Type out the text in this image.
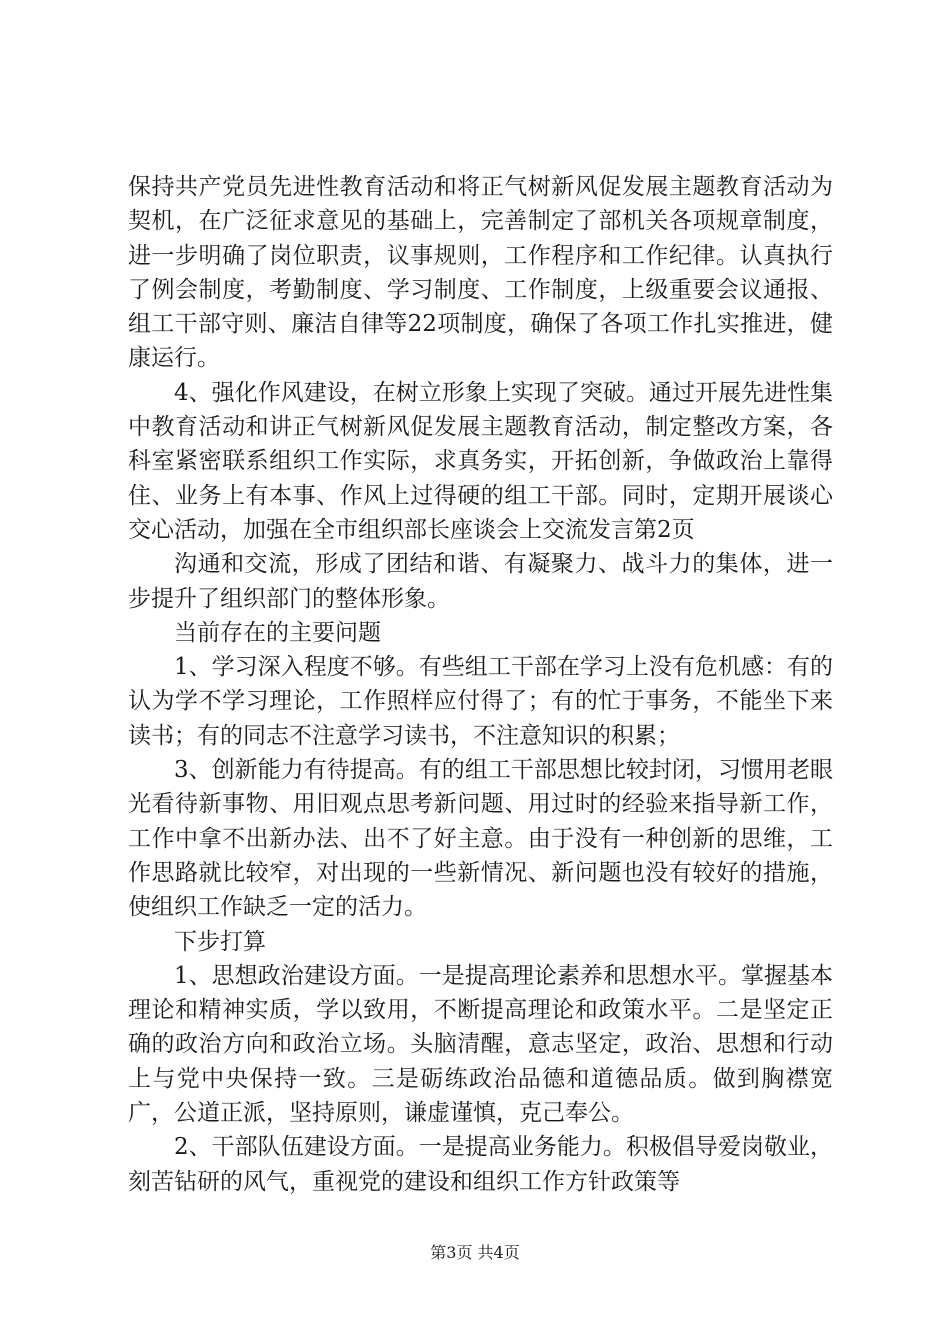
保持共产党员先进性教育活动和将正气树新风促发展主题教育活动为契机，在广泛征求意见的基础上，完善制定了部机关各项规章制度，进一步明确了岗位职责，议事规则，工作程序和工作纪律。认真执行了例会制度，考勤制度、学习制度、工作制度，上级重要会议通报、组工干部守则、廉洁自律等22项制度，确保了各项工作扎实推进，健康运行。

4、强化作风建设，在树立形象上实现了突破。通过开展先进性集中教育活动和讲正气树新风促发展主题教育活动，制定整改方案，各科室紧密联系组织工作实际，求真务实，开拓创新，争做政治上靠得住、业务上有本事、作风上过得硬的组工干部。同时，定期开展谈心交心活动，加强在全市组织部长座谈会上交流发言第2页

沟通和交流，形成了团结和谐、有凝聚力、战斗力的集体，进一步提升了组织部门的整体形象。

当前存在的主要问题

1、学习深入程度不够。有些组工干部在学习上没有危机感：有的认为学不学习理论，工作照样应付得了；有的忙于事务，不能坐下来读书；有的同志不注意学习读书，不注意知识的积累；

3、创新能力有待提高。有的组工干部思想比较封闭，习惯用老眼光看待新事物、用旧观点思考新问题、用过时的经验来指导新工作，工作中拿不出新办法、出不了好主意。由于没有一种创新的思维，工作思路就比较窄，对出现的一些新情况、新问题也没有较好的措施，使组织工作缺乏一定的活力。

下步打算

1、思想政治建设方面。一是提高理论素养和思想水平。掌握基本理论和精神实质，学以致用，不断提高理论和政策水平。二是坚定正确的政治方向和政治立场。头脑清醒，意志坚定，政治、思想和行动上与党中央保持一致。三是砺练政治品德和道德品质。做到胸襟宽广，公道正派，坚持原则，谦虚谨慎，克己奉公。

2、干部队伍建设方面。一是提高业务能力。积极倡导爱岗敬业，刻苦钻研的风气，重视党的建设和组织工作方针政策等

第3页 共4页
